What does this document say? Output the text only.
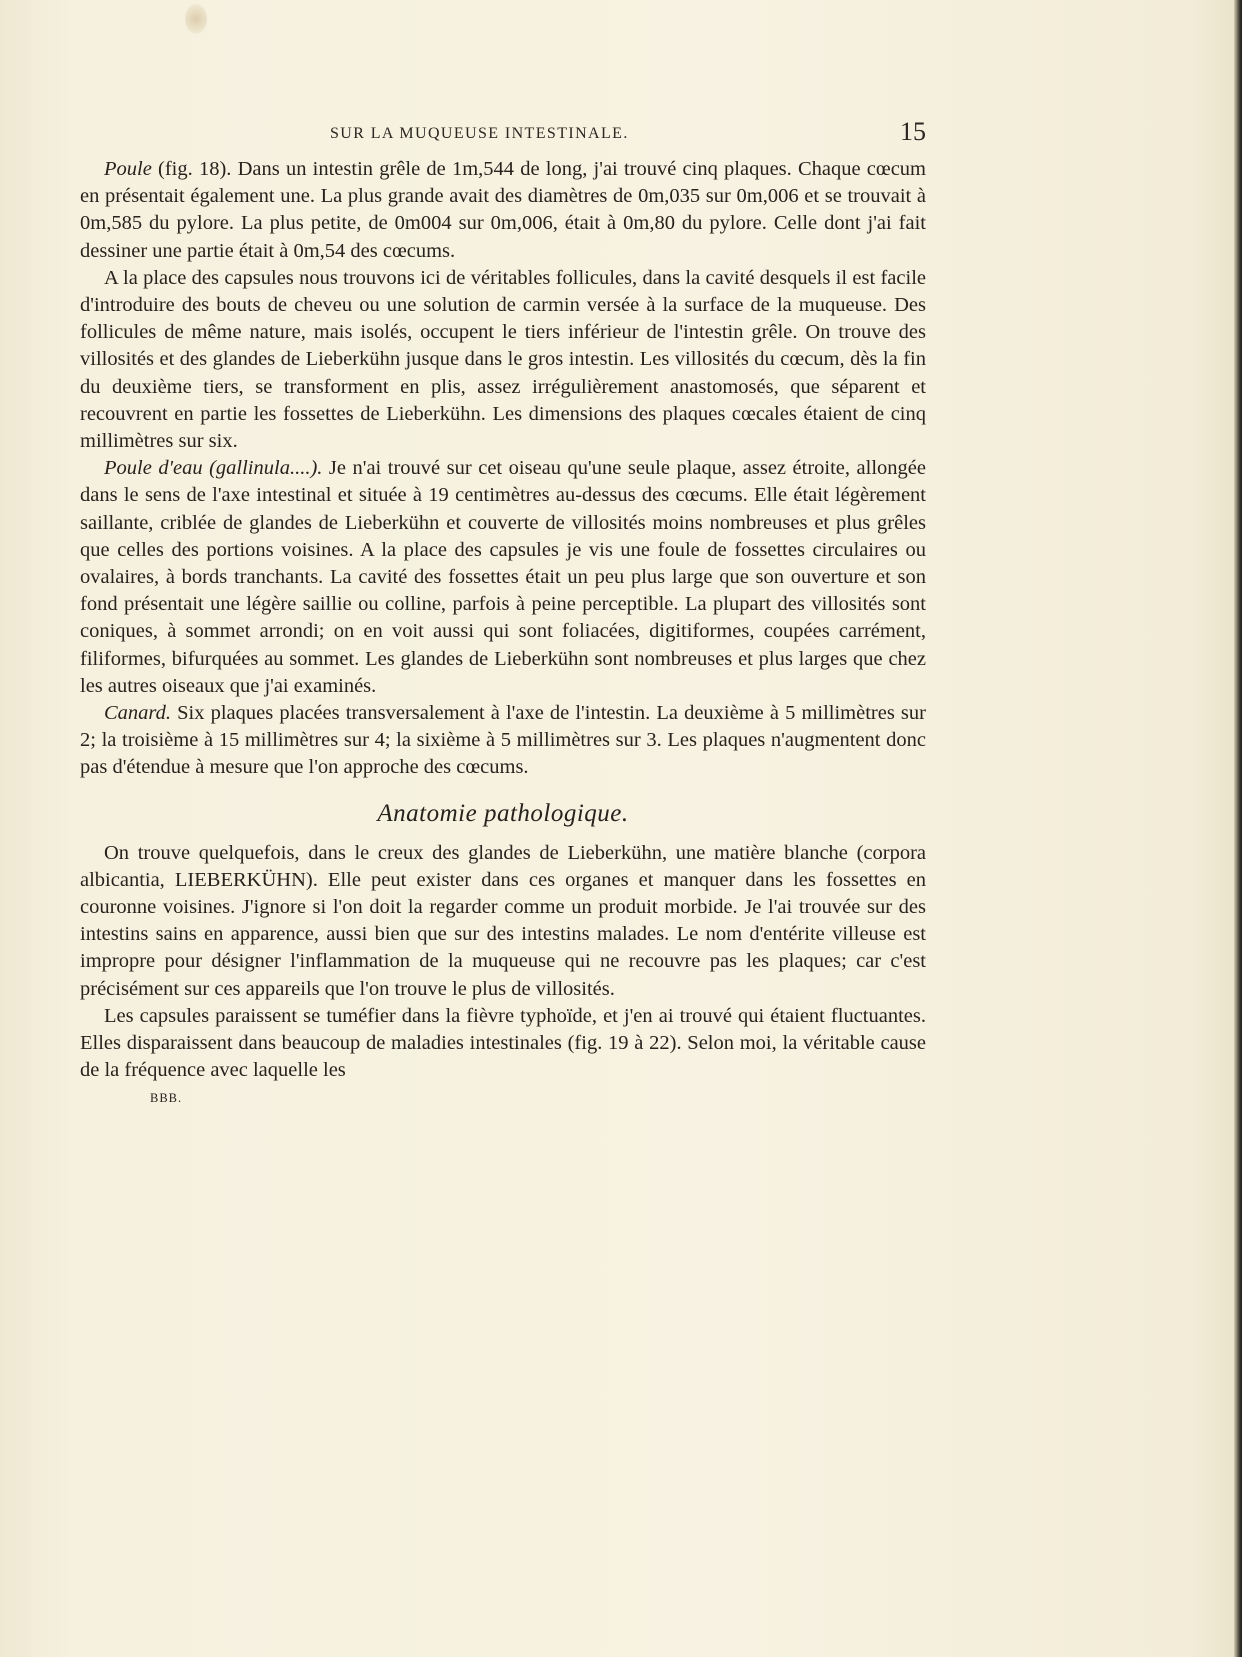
SUR LA MUQUEUSE INTESTINALE.	15

Poule (fig. 18). Dans un intestin grêle de 1m,544 de long, j'ai trouvé cinq plaques. Chaque cœcum en présentait également une. La plus grande avait des diamètres de 0m,035 sur 0m,006 et se trouvait à 0m,585 du pylore. La plus petite, de 0m004 sur 0m,006, était à 0m,80 du pylore. Celle dont j'ai fait dessiner une partie était à 0m,54 des cœcums.

A la place des capsules nous trouvons ici de véritables follicules, dans la cavité desquels il est facile d'introduire des bouts de cheveu ou une solution de carmin versée à la surface de la muqueuse. Des follicules de même nature, mais isolés, occupent le tiers inférieur de l'intestin grêle. On trouve des villosités et des glandes de Lieberkühn jusque dans le gros intestin. Les villosités du cœcum, dès la fin du deuxième tiers, se transforment en plis, assez irrégulièrement anastomosés, que séparent et recouvrent en partie les fossettes de Lieberkühn. Les dimensions des plaques cœcales étaient de cinq millimètres sur six.

Poule d'eau (gallinula....). Je n'ai trouvé sur cet oiseau qu'une seule plaque, assez étroite, allongée dans le sens de l'axe intestinal et située à 19 centimètres au-dessus des cœcums. Elle était légèrement saillante, criblée de glandes de Lieberkühn et couverte de villosités moins nombreuses et plus grêles que celles des portions voisines. A la place des capsules je vis une foule de fossettes circulaires ou ovalaires, à bords tranchants. La cavité des fossettes était un peu plus large que son ouverture et son fond présentait une légère saillie ou colline, parfois à peine perceptible. La plupart des villosités sont coniques, à sommet arrondi; on en voit aussi qui sont foliacées, digitiformes, coupées carrément, filiformes, bifurquées au sommet. Les glandes de Lieberkühn sont nombreuses et plus larges que chez les autres oiseaux que j'ai examinés.

Canard. Six plaques placées transversalement à l'axe de l'intestin. La deuxième à 5 millimètres sur 2; la troisième à 15 millimètres sur 4; la sixième à 5 millimètres sur 3. Les plaques n'augmentent donc pas d'étendue à mesure que l'on approche des cœcums.

Anatomie pathologique.

On trouve quelquefois, dans le creux des glandes de Lieberkühn, une matière blanche (corpora albicantia, LIEBERKÜHN). Elle peut exister dans ces organes et manquer dans les fossettes en couronne voisines. J'ignore si l'on doit la regarder comme un produit morbide. Je l'ai trouvée sur des intestins sains en apparence, aussi bien que sur des intestins malades. Le nom d'entérite villeuse est impropre pour désigner l'inflammation de la muqueuse qui ne recouvre pas les plaques; car c'est précisément sur ces appareils que l'on trouve le plus de villosités.

Les capsules paraissent se tuméfier dans la fièvre typhoïde, et j'en ai trouvé qui étaient fluctuantes. Elles disparaissent dans beaucoup de maladies intestinales (fig. 19 à 22). Selon moi, la véritable cause de la fréquence avec laquelle les

BBB.
